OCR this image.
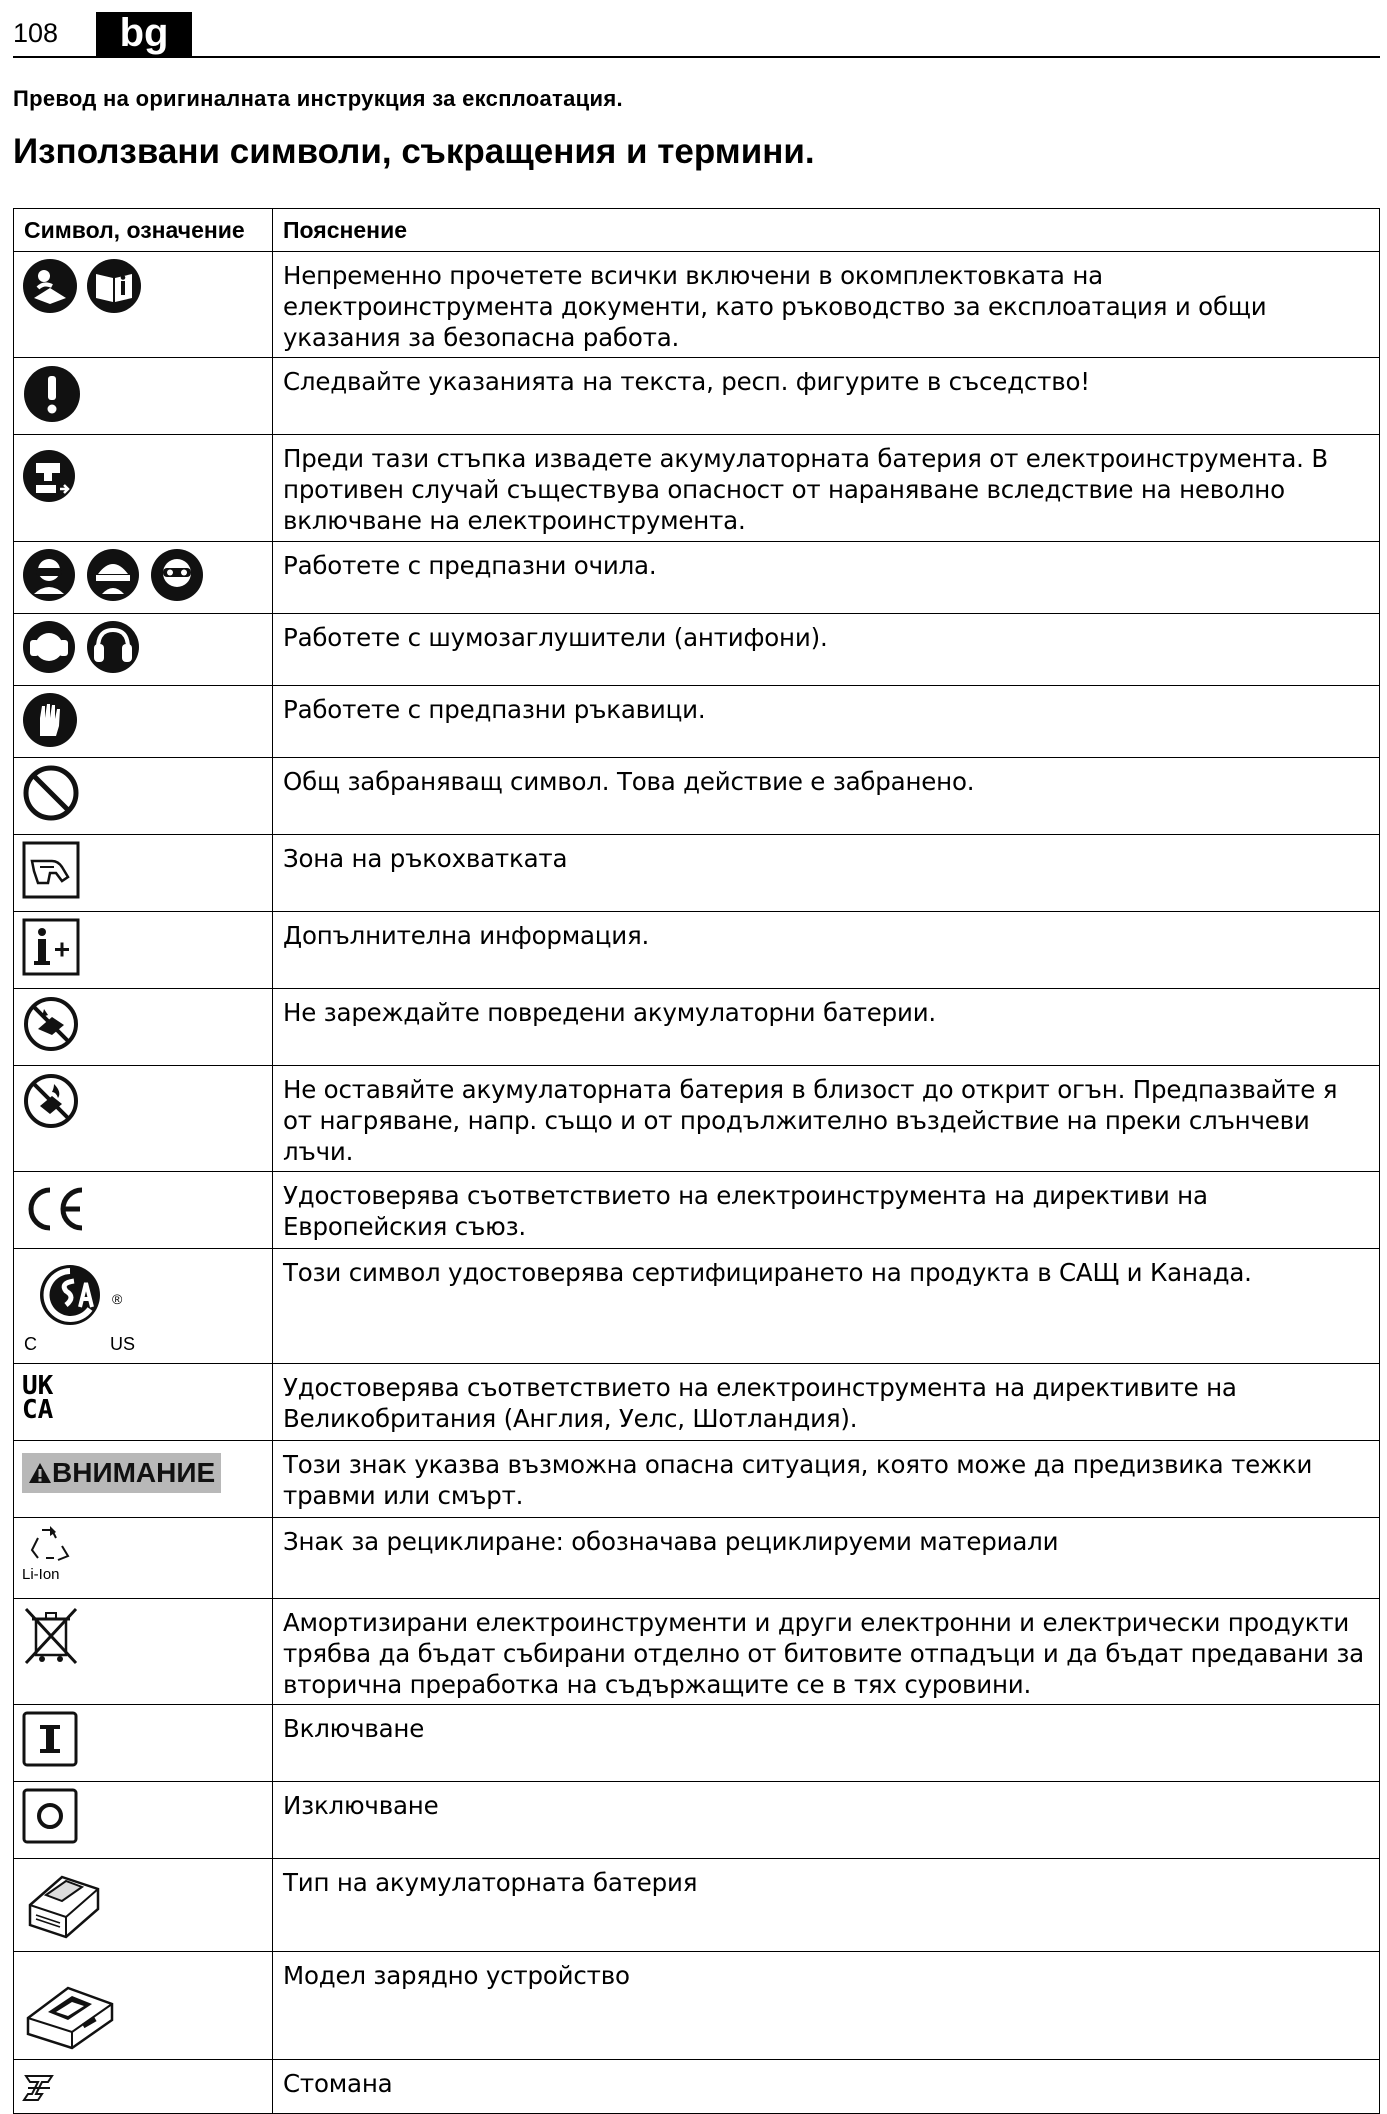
108	bg
Превод на оригиналната инструкция за експлоатация.
Използвани символи, съкращения и термини.
Символ, означение	Пояснение

	Непременно прочетете всички включени в окомплектовката на електроинструмента документи, като ръководство за експлоатация и общи указания за безопасна работа.

	Следвайте указанията на текста, респ. фигурите в съседство!

	Преди тази стъпка извадете акумулаторната батерия от електроинструмента. В противен случай съществува опасност от нараняване вследствие на неволно включване на електроинструмента.

	Работете с предпазни очила.

	Работете с шумозаглушители (антифони).

	Работете с предпазни ръкавици.

	Общ забраняващ символ. Това действие е забранено.

	Зона на ръкохватката

	Допълнителна информация.

	Не зареждайте повредени акумулаторни батерии.

	Не оставяйте акумулаторната батерия в близост до открит огън. Предпазвайте я от нагряване, напр. също и от продължително въздействие на преки слънчеви лъчи.

	Удостоверява съответствието на електроинструмента на директиви на Европейския съюз.

®
C US	Този символ удостоверява сертифицирането на продукта в САЩ и Канада.

UK
CA	Удостоверява съответствието на електроинструмента на директивите на Великобритания (Англия, Уелс, Шотландия).
ВНИМАНИЕ	Този знак указва възможна опасна ситуация, която може да предизвика тежки травми или смърт.

Li-Ion	Знак за рециклиране: обозначава рециклируеми материали

	Амортизирани електроинструменти и други електронни и електрически продукти трябва да бъдат събирани отделно от битовите отпадъци и да бъдат предавани за вторична преработка на съдържащите се в тях суровини.

	Включване

	Изключване

	Тип на акумулаторната батерия

	Модел зарядно устройство

	Стомана
